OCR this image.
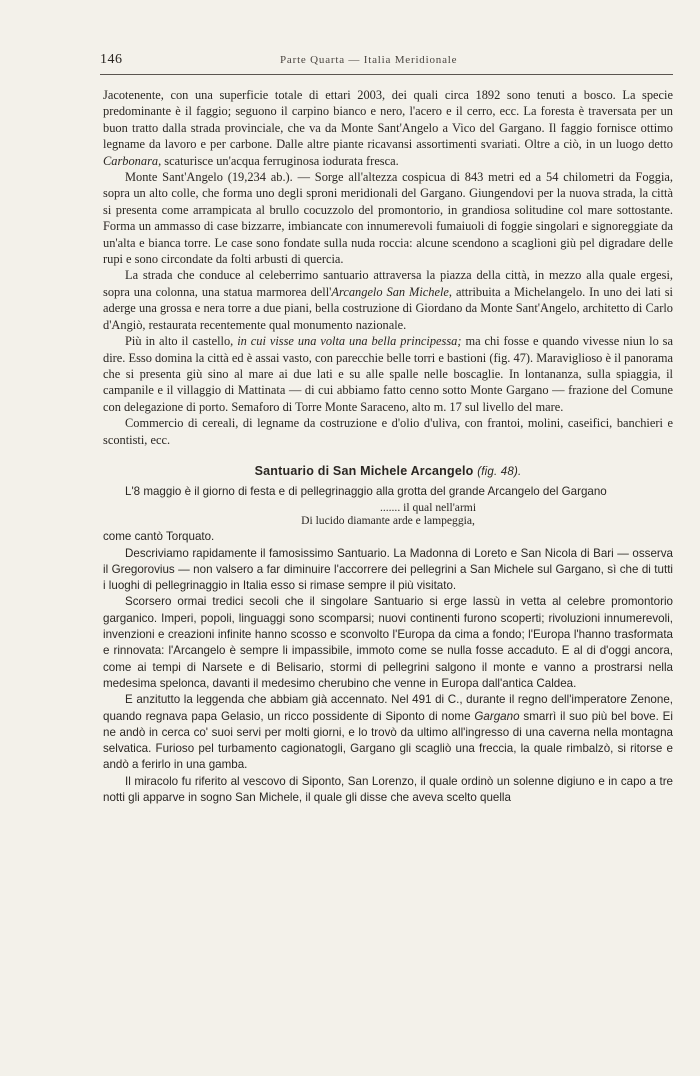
146	Parte Quarta — Italia Meridionale

Jacotenente, con una superficie totale di ettari 2003, dei quali circa 1892 sono tenuti a bosco. La specie predominante è il faggio; seguono il carpino bianco e nero, l'acero e il cerro, ecc. La foresta è traversata per un buon tratto dalla strada provinciale, che va da Monte Sant'Angelo a Vico del Gargano. Il faggio fornisce ottimo legname da lavoro e per carbone. Dalle altre piante ricavansi assortimenti svariati. Oltre a ciò, in un luogo detto Carbonara, scaturisce un'acqua ferruginosa iodurata fresca.

Monte Sant'Angelo (19,234 ab.). — Sorge all'altezza cospicua di 843 metri ed a 54 chilometri da Foggia, sopra un alto colle, che forma uno degli sproni meridionali del Gargano. Giungendovi per la nuova strada, la città si presenta come arrampicata al brullo cocuzzolo del promontorio, in grandiosa solitudine col mare sottostante. Forma un ammasso di case bizzarre, imbiancate con innumerevoli fumaiuoli di foggie singolari e signoreggiate da un'alta e bianca torre. Le case sono fondate sulla nuda roccia: alcune scendono a scaglioni giù pel digradare delle rupi e sono circondate da folti arbusti di quercia.

La strada che conduce al celeberrimo santuario attraversa la piazza della città, in mezzo alla quale ergesi, sopra una colonna, una statua marmorea dell'Arcangelo San Michele, attribuita a Michelangelo. In uno dei lati si aderge una grossa e nera torre a due piani, bella costruzione di Giordano da Monte Sant'Angelo, architetto di Carlo d'Angiò, restaurata recentemente qual monumento nazionale.

Più in alto il castello, in cui visse una volta una bella principessa; ma chi fosse e quando vivesse niun lo sa dire. Esso domina la città ed è assai vasto, con parecchie belle torri e bastioni (fig. 47). Maraviglioso è il panorama che si presenta giù sino al mare ai due lati e su alle spalle nelle boscaglie. In lontananza, sulla spiaggia, il campanile e il villaggio di Mattinata — di cui abbiamo fatto cenno sotto Monte Gargano — frazione del Comune con delegazione di porto. Semaforo di Torre Monte Saraceno, alto m. 17 sul livello del mare.

Commercio di cereali, di legname da costruzione e d'olio d'uliva, con frantoi, molini, caseifici, banchieri e scontisti, ecc.

Santuario di San Michele Arcangelo (fig. 48).

L'8 maggio è il giorno di festa e di pellegrinaggio alla grotta del grande Arcangelo del Gargano

....... il qual nell'armi
Di lucido diamante arde e lampeggia,

come cantò Torquato.

Descriviamo rapidamente il famosissimo Santuario. La Madonna di Loreto e San Nicola di Bari — osserva il Gregorovius — non valsero a far diminuire l'accorrere dei pellegrini a San Michele sul Gargano, sì che di tutti i luoghi di pellegrinaggio in Italia esso si rimase sempre il più visitato.

Scorsero ormai tredici secoli che il singolare Santuario si erge lassù in vetta al celebre promontorio garganico. Imperi, popoli, linguaggi sono scomparsi; nuovi continenti furono scoperti; rivoluzioni innumerevoli, invenzioni e creazioni infinite hanno scosso e sconvolto l'Europa da cima a fondo; l'Europa l'hanno trasformata e rinnovata: l'Arcangelo è sempre li impassibile, immoto come se nulla fosse accaduto. E al di d'oggi ancora, come ai tempi di Narsete e di Belisario, stormi di pellegrini salgono il monte e vanno a prostrarsi nella medesima spelonca, davanti il medesimo cherubino che venne in Europa dall'antica Caldea.

E anzitutto la leggenda che abbiam già accennato. Nel 491 di C., durante il regno dell'imperatore Zenone, quando regnava papa Gelasio, un ricco possidente di Siponto di nome Gargano smarrì il suo più bel bove. Ei ne andò in cerca co' suoi servi per molti giorni, e lo trovò da ultimo all'ingresso di una caverna nella montagna selvatica. Furioso pel turbamento cagionatogli, Gargano gli scagliò una freccia, la quale rimbalzò, si ritorse e andò a ferirlo in una gamba.

Il miracolo fu riferito al vescovo di Siponto, San Lorenzo, il quale ordinò un solenne digiuno e in capo a tre notti gli apparve in sogno San Michele, il quale gli disse che aveva scelto quella
